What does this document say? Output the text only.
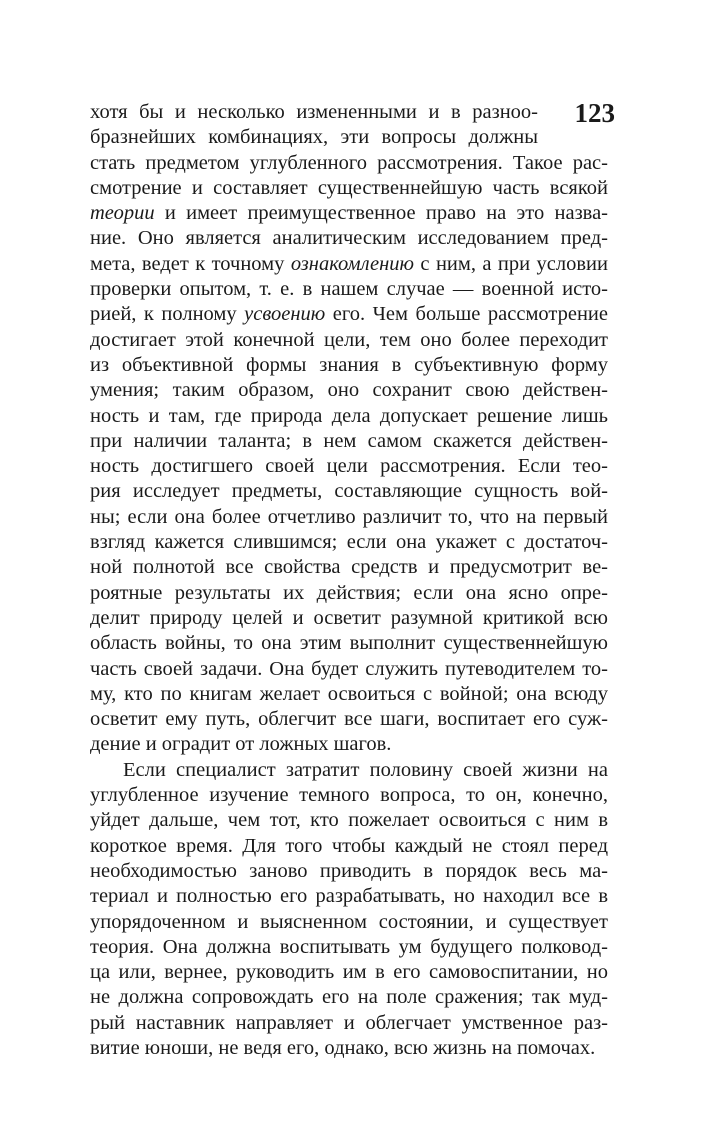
123
хотя бы и несколько измененными и в разноо-
бразнейших комбинациях, эти вопросы должны
стать предметом углубленного рассмотрения. Такое рас-
смотрение и составляет существеннейшую часть всякой
теории и имеет преимущественное право на это назва-
ние. Оно является аналитическим исследованием пред-
мета, ведет к точному ознакомлению с ним, а при условии
проверки опытом, т. е. в нашем случае — военной исто-
рией, к полному усвоению его. Чем больше рассмотрение
достигает этой конечной цели, тем оно более переходит
из объективной формы знания в субъективную форму
умения; таким образом, оно сохранит свою действен-
ность и там, где природа дела допускает решение лишь
при наличии таланта; в нем самом скажется действен-
ность достигшего своей цели рассмотрения. Если тео-
рия исследует предметы, составляющие сущность вой-
ны; если она более отчетливо различит то, что на первый
взгляд кажется слившимся; если она укажет с достаточ-
ной полнотой все свойства средств и предусмотрит ве-
роятные результаты их действия; если она ясно опре-
делит природу целей и осветит разумной критикой всю
область войны, то она этим выполнит существеннейшую
часть своей задачи. Она будет служить путеводителем то-
му, кто по книгам желает освоиться с войной; она всюду
осветит ему путь, облегчит все шаги, воспитает его суж-
дение и оградит от ложных шагов.
Если специалист затратит половину своей жизни на
углубленное изучение темного вопроса, то он, конечно,
уйдет дальше, чем тот, кто пожелает освоиться с ним в
короткое время. Для того чтобы каждый не стоял перед
необходимостью заново приводить в порядок весь ма-
териал и полностью его разрабатывать, но находил все в
упорядоченном и выясненном состоянии, и существует
теория. Она должна воспитывать ум будущего полковод-
ца или, вернее, руководить им в его самовоспитании, но
не должна сопровождать его на поле сражения; так муд-
рый наставник направляет и облегчает умственное раз-
витие юноши, не ведя его, однако, всю жизнь на помочах.
